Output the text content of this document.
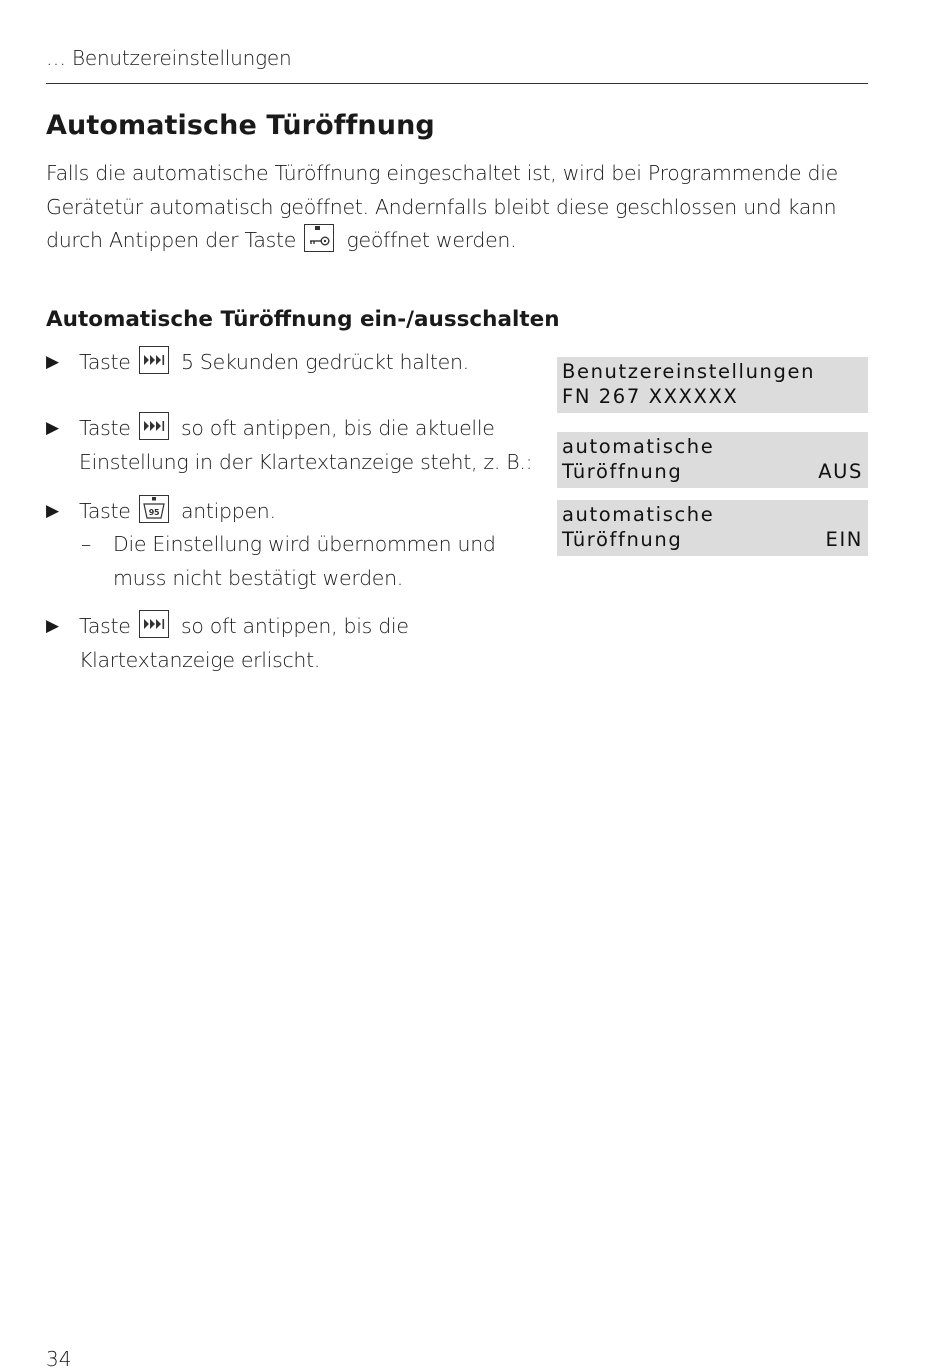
… Benutzereinstellungen
Automatische Türöffnung

Falls die automatische Türöffnung eingeschaltet ist, wird bei Programmende die Gerätetür automatisch geöffnet. Andernfalls bleibt diese geschlossen und kann durch Antippen der Taste geöffnet werden.

Automatische Türöffnung ein-/ausschalten
▶ Taste 5 Sekunden gedrückt halten.
▶ Taste so oft antippen, bis die aktuelle Einstellung in der Klartextanzeige steht, z. B.:
▶ Taste 95 antippen.
– Die Einstellung wird übernommen und muss nicht bestätigt werden.
▶ Taste so oft antippen, bis die Klartextanzeige erlischt.
Benutzereinstellungen
FN 267 XXXXXX
automatische
Türöffnung	AUS
automatische
Türöffnung	EIN
34
